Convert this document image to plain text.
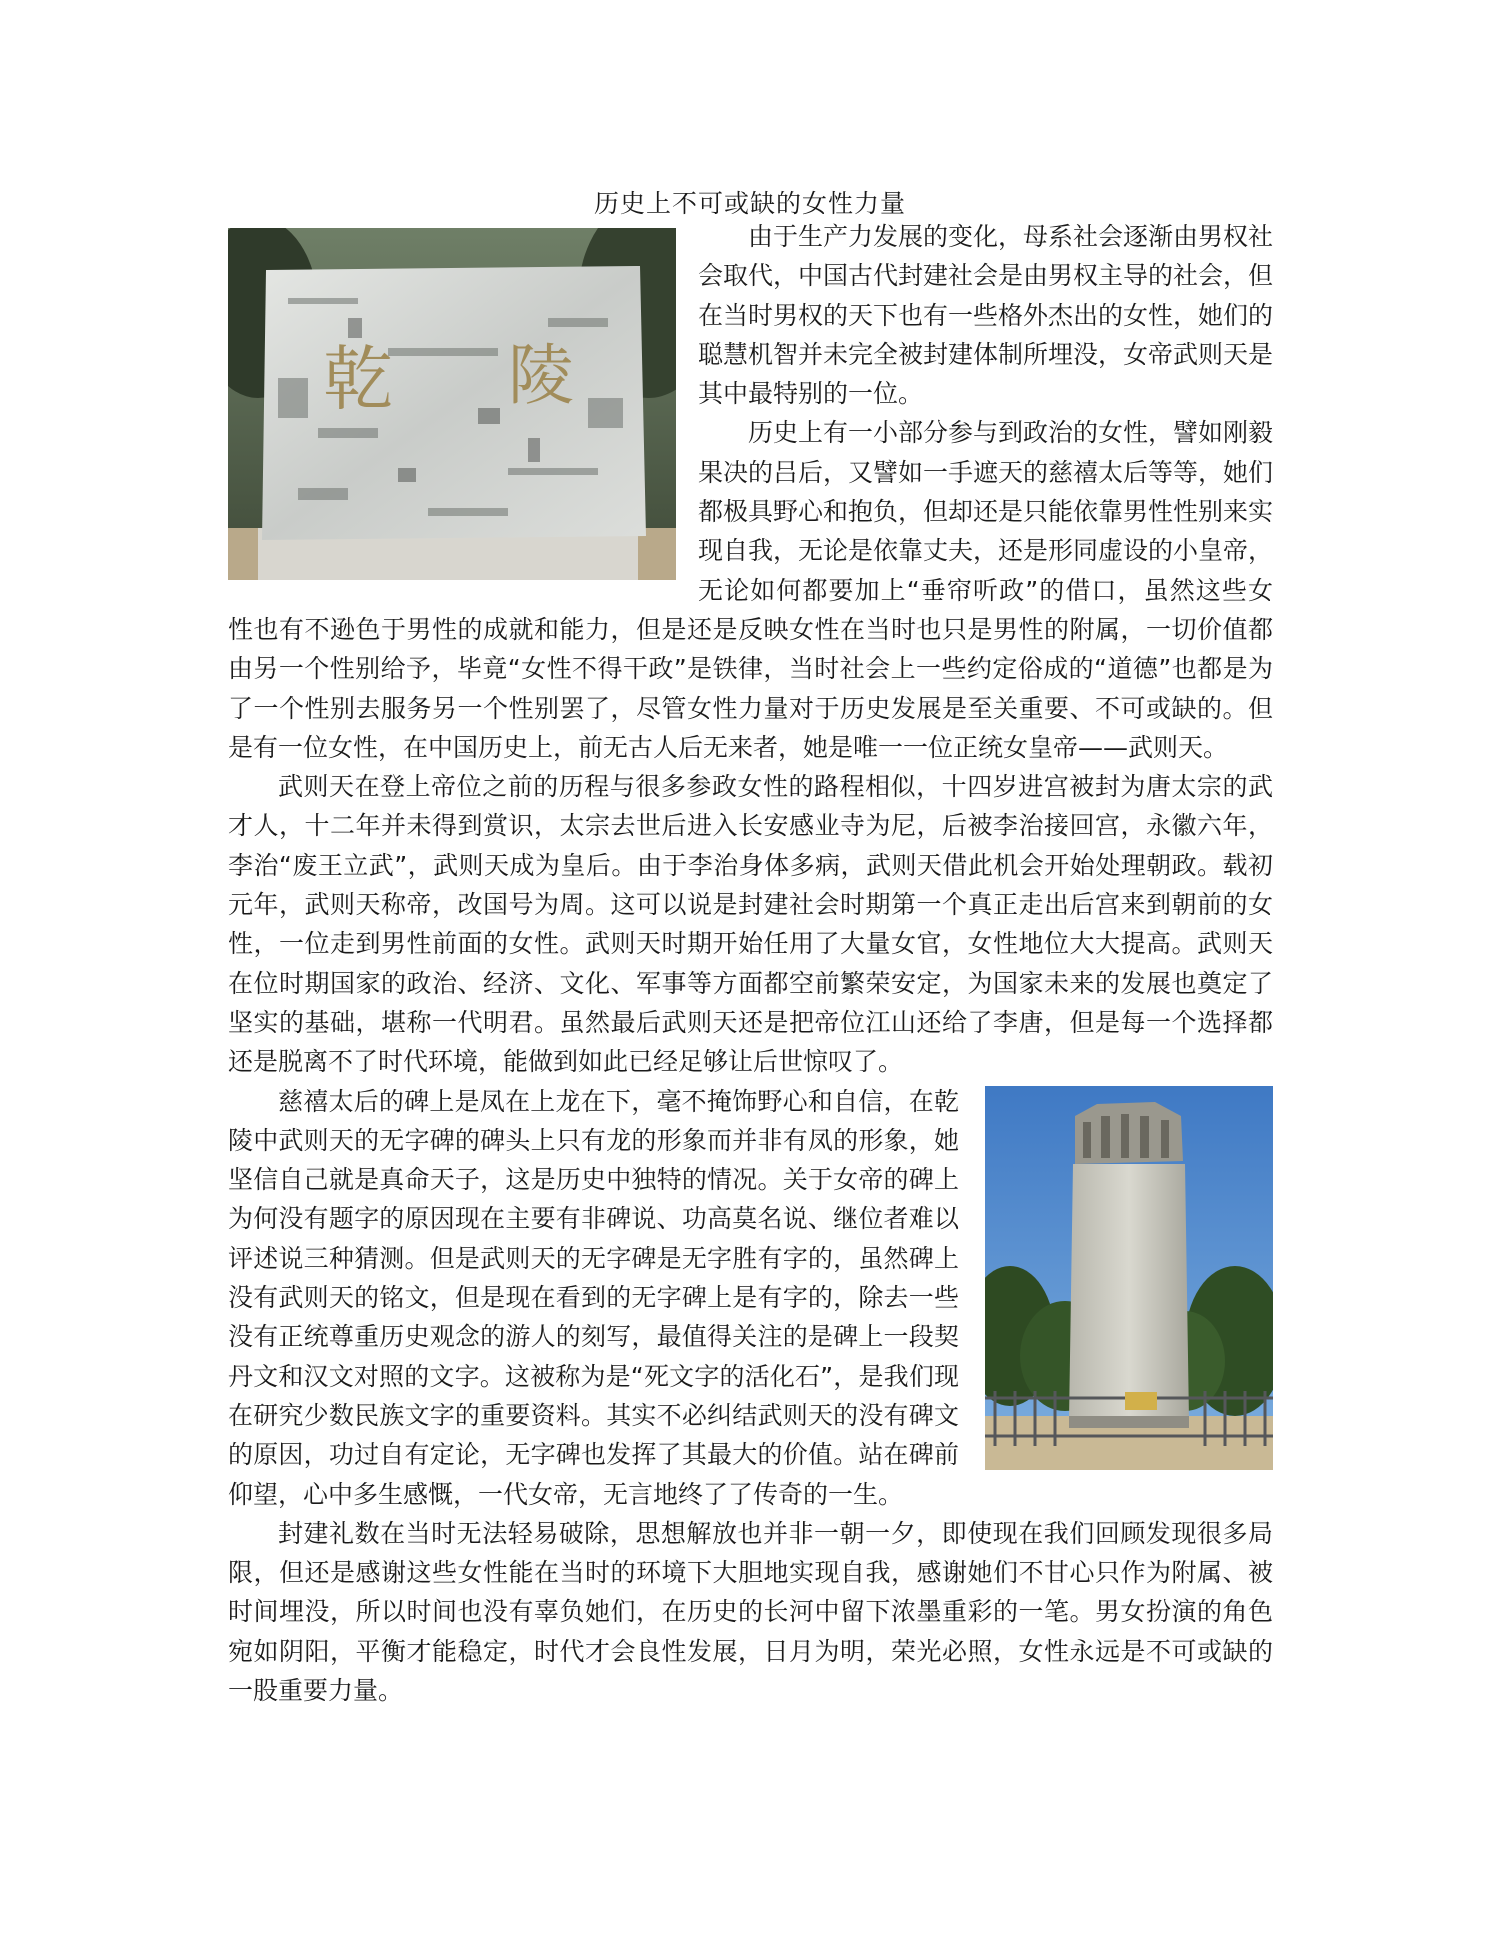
历史上不可或缺的女性力量
乾 陵

由于生产力发展的变化，母系社会逐渐由男权社会取代，中国古代封建社会是由男权主导的社会，但在当时男权的天下也有一些格外杰出的女性，她们的聪慧机智并未完全被封建体制所埋没，女帝武则天是其中最特别的一位。

历史上有一小部分参与到政治的女性，譬如刚毅果决的吕后，又譬如一手遮天的慈禧太后等等，她们都极具野心和抱负，但却还是只能依靠男性性别来实现自我，无论是依靠丈夫，还是形同虚设的小皇帝，无论如何都要加上“垂帘听政”的借口，虽然这些女性也有不逊色于男性的成就和能力，但是还是反映女性在当时也只是男性的附属，一切价值都由另一个性别给予，毕竟“女性不得干政”是铁律，当时社会上一些约定俗成的“道德”也都是为了一个性别去服务另一个性别罢了，尽管女性力量对于历史发展是至关重要、不可或缺的。但是有一位女性，在中国历史上，前无古人后无来者，她是唯一一位正统女皇帝——武则天。

武则天在登上帝位之前的历程与很多参政女性的路程相似，十四岁进宫被封为唐太宗的武才人，十二年并未得到赏识，太宗去世后进入长安感业寺为尼，后被李治接回宫，永徽六年，李治“废王立武”，武则天成为皇后。由于李治身体多病，武则天借此机会开始处理朝政。载初元年，武则天称帝，改国号为周。这可以说是封建社会时期第一个真正走出后宫来到朝前的女性，一位走到男性前面的女性。武则天时期开始任用了大量女官，女性地位大大提高。武则天在位时期国家的政治、经济、文化、军事等方面都空前繁荣安定，为国家未来的发展也奠定了坚实的基础，堪称一代明君。虽然最后武则天还是把帝位江山还给了李唐，但是每一个选择都还是脱离不了时代环境，能做到如此已经足够让后世惊叹了。

慈禧太后的碑上是凤在上龙在下，毫不掩饰野心和自信，在乾陵中武则天的无字碑的碑头上只有龙的形象而并非有凤的形象，她坚信自己就是真命天子，这是历史中独特的情况。关于女帝的碑上为何没有题字的原因现在主要有非碑说、功高莫名说、继位者难以评述说三种猜测。但是武则天的无字碑是无字胜有字的，虽然碑上没有武则天的铭文，但是现在看到的无字碑上是有字的，除去一些没有正统尊重历史观念的游人的刻写，最值得关注的是碑上一段契丹文和汉文对照的文字。这被称为是“死文字的活化石”，是我们现在研究少数民族文字的重要资料。其实不必纠结武则天的没有碑文的原因，功过自有定论，无字碑也发挥了其最大的价值。站在碑前仰望，心中多生感慨，一代女帝，无言地终了了传奇的一生。

封建礼数在当时无法轻易破除，思想解放也并非一朝一夕，即使现在我们回顾发现很多局限，但还是感谢这些女性能在当时的环境下大胆地实现自我，感谢她们不甘心只作为附属、被时间埋没，所以时间也没有辜负她们，在历史的长河中留下浓墨重彩的一笔。男女扮演的角色宛如阴阳，平衡才能稳定，时代才会良性发展，日月为明，荣光必照，女性永远是不可或缺的一股重要力量。
